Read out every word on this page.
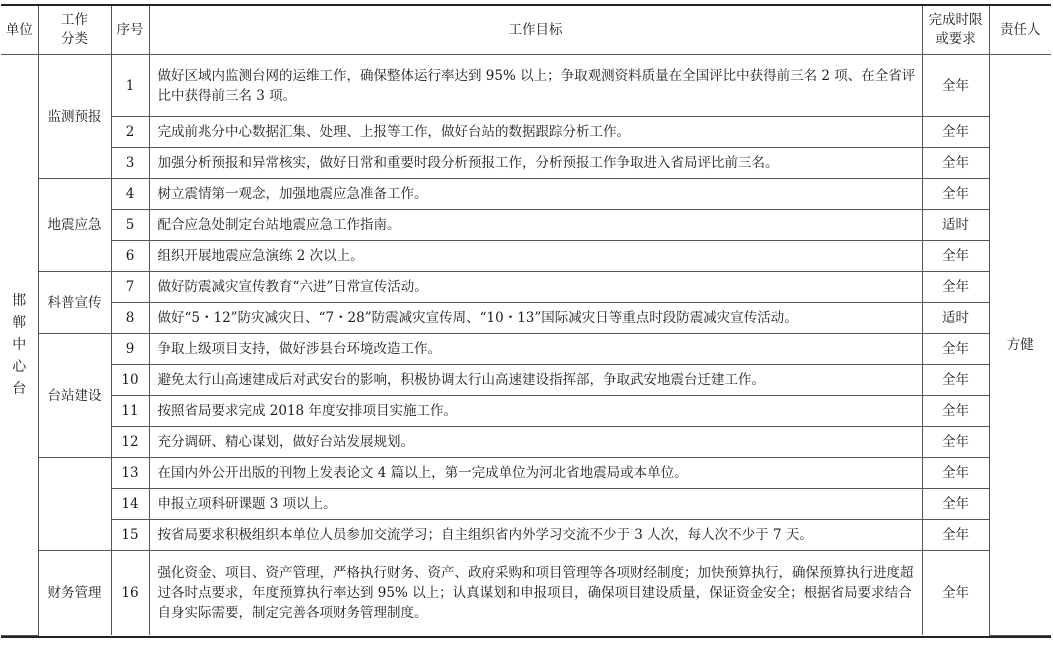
单位	工作分类	序号	工作目标	完成时限或要求	责任人
邯郸中心台	监测预报	1	做好区域内监测台网的运维工作，确保整体运行率达到 95% 以上；争取观测资料质量在全国评比中获得前三名 2 项、在全省评比中获得前三名 3 项。	全年	方健
		2	完成前兆分中心数据汇集、处理、上报等工作，做好台站的数据跟踪分析工作。	全年	
		3	加强分析预报和异常核实，做好日常和重要时段分析预报工作，分析预报工作争取进入省局评比前三名。	全年	
	地震应急	4	树立震情第一观念，加强地震应急准备工作。	全年	
		5	配合应急处制定台站地震应急工作指南。	适时	
		6	组织开展地震应急演练 2 次以上。	全年	
	科普宣传	7	做好防震减灾宣传教育“六进”日常宣传活动。	全年	
		8	做好“5・12”防灾减灾日、“7・28”防震减灾宣传周、“10・13”国际减灾日等重点时段防震减灾宣传活动。	适时	
	台站建设	9	争取上级项目支持，做好涉县台环境改造工作。	全年	
		10	避免太行山高速建成后对武安台的影响，积极协调太行山高速建设指挥部，争取武安地震台迁建工作。	全年	
		11	按照省局要求完成 2018 年度安排项目实施工作。	全年	
		12	充分调研、精心谋划，做好台站发展规划。	全年	
		13	在国内外公开出版的刊物上发表论文 4 篇以上，第一完成单位为河北省地震局或本单位。	全年	
		14	申报立项科研课题 3 项以上。	全年	
		15	按省局要求积极组织本单位人员参加交流学习；自主组织省内外学习交流不少于 3 人次，每人次不少于 7 天。	全年	
	财务管理	16	强化资金、项目、资产管理，严格执行财务、资产、政府采购和项目管理等各项财经制度；加快预算执行，确保预算执行进度超过各时点要求，年度预算执行率达到 95% 以上；认真谋划和申报项目，确保项目建设质量，保证资金安全；根据省局要求结合自身实际需要，制定完善各项财务管理制度。	全年	
